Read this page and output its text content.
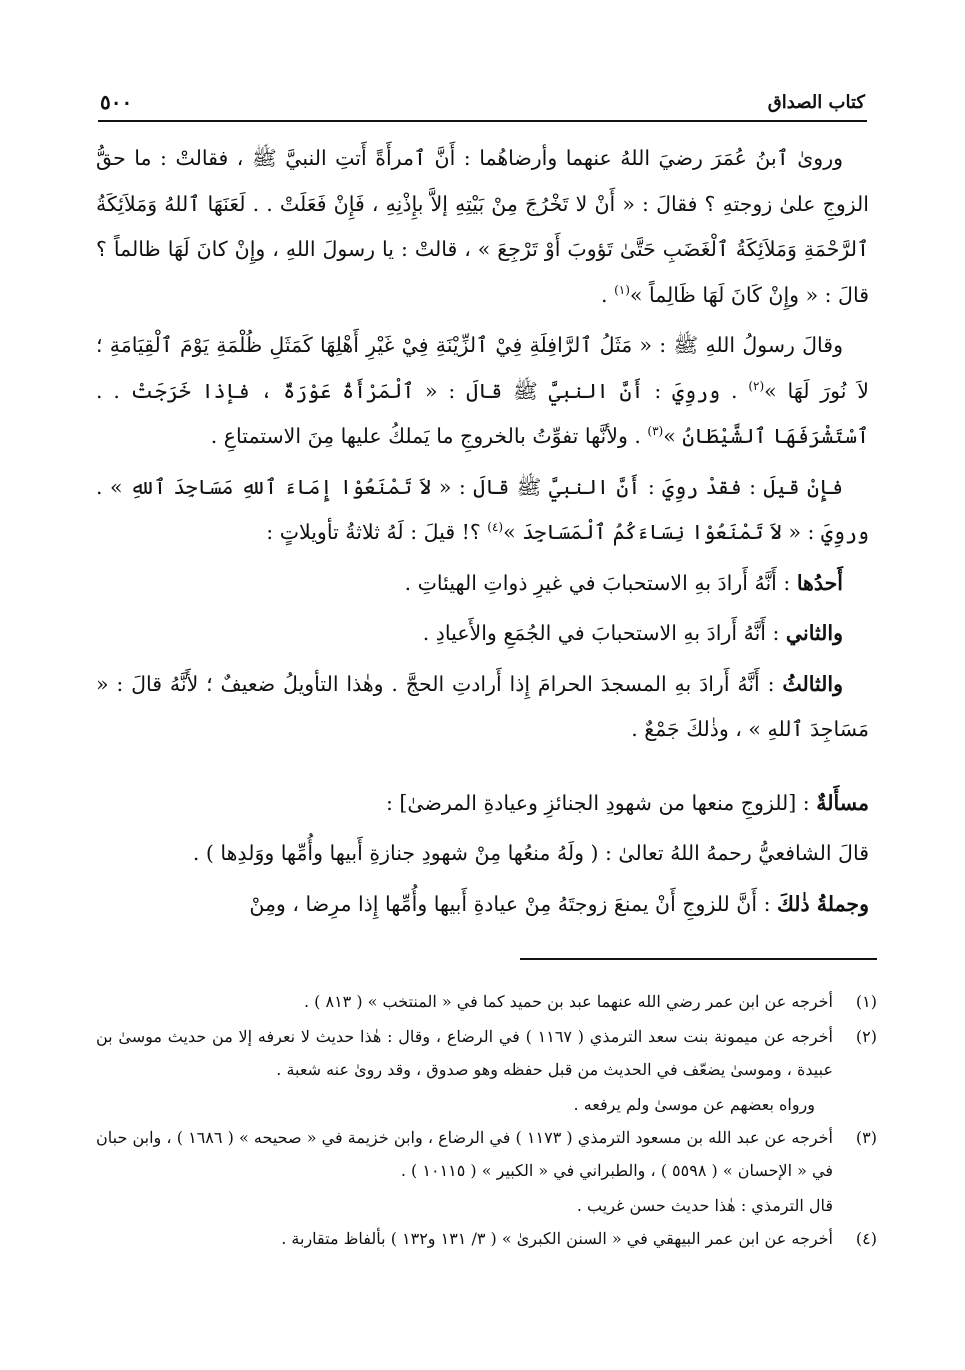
كتاب الصداق
٥٠٠

وروىٰ ٱبنُ عُمَرَ رضيَ اللهُ عنهما وأرضاهُما : أَنَّ ٱمرأَةً أَتتِ النبيَّ ﷺ ، فقالتْ : ما حقُّ الزوجِ علىٰ زوجتهِ ؟ فقالَ : « أَنْ لا تَخْرُجَ مِنْ بَيْتِهِ إلاَّ بإِذْنِهِ ، فَإِنْ فَعَلَتْ . . لَعَنَهَا ٱللهُ وَمَلاَئِكَةُ ٱلرَّحْمَةِ وَمَلاَئِكَةُ ٱلْغَضَبِ حَتَّىٰ تَؤوبَ أَوْ تَرْجِعَ » ، قالتْ : يا رسولَ اللهِ ، وإِنْ كانَ لَهَا ظالماً ؟ قالَ : « وإِنْ كَانَ لَهَا ظَالِماً »$^{(١)}$ .

وقالَ رسولُ اللهِ ﷺ : « مَثَلُ ٱلرَّافِلَةِ فِيْ ٱلزِّيْنَةِ فِيْ غَيْرِ أَهْلِهَا كَمَثَلِ ظُلْمَةِ يَوْمَ ٱلْقِيَامَةِ ؛ لاَ نُورَ لَهَا »$^{(٢)}$ . وروِيَ : أَنَّ النبيَّ ﷺ قالَ : « ٱلْمَرْأَةُ عَوْرَةٌ ، فإذا خَرَجَتْ . . ٱسْتَشْرَفَهَا ٱلشَّيْطَانُ »$^{(٣)}$ . ولأنَّها تفوِّتُ بالخروجِ ما يَملكُ عليها مِنَ الاستمتاعِ .

فإِنْ قيلَ : فقدْ روِيَ : أَنَّ النبيَّ ﷺ قالَ : « لاَ تَمْنَعُوْا إِمَاءَ ٱللهِ مَسَاجِدَ ٱللهِ » . وروِيَ : « لاَ تَمْنَعُوْا نِسَاءَكُمُ ٱلْمَسَاجِدَ »$^{(٤)}$ ؟! قيلَ : لَهُ ثلاثةُ تأويلاتٍ :

أَحدُها : أَنَّهُ أَرادَ بهِ الاستحبابَ في غيرِ ذواتِ الهيئاتِ .

والثاني : أَنَّهُ أَرادَ بهِ الاستحبابَ في الجُمَعِ والأَعيادِ .

والثالثُ : أَنَّهُ أَرادَ بهِ المسجدَ الحرامَ إِذا أَرادتِ الحجَّ . وهٰذا التأويلُ ضعيفٌ ؛ لأَنَّهُ قالَ : « مَسَاجِدَ ٱللهِ » ، وذٰلكَ جَمْعٌ .

مسأَلةٌ : [للزوجِ منعها من شهودِ الجنائزِ وعيادةِ المرضىٰ] :

قالَ الشافعيُّ رحمهُ اللهُ تعالىٰ : ( ولَهُ منعُها مِنْ شهودِ جنازةِ أَبيها وأُمِّها ووَلدِها ) .

وجملةُ ذٰلكَ : أَنَّ للزوجِ أَنْ يمنعَ زوجتَهُ مِنْ عيادةِ أَبيها وأُمِّها إِذا مرِضا ، ومِنْ

(١)
أخرجه عن ابن عمر رضي الله عنهما عبد بن حميد كما في « المنتخب » ( ٨١٣ ) .
(٢)
أخرجه عن ميمونة بنت سعد الترمذي ( ١١٦٧ ) في الرضاع ، وقال : هٰذا حديث لا نعرفه إلا من حديث موسىٰ بن عبيدة ، وموسىٰ يضعّف في الحديث من قبل حفظه وهو صدوق ، وقد روىٰ عنه شعبة .
ورواه بعضهم عن موسىٰ ولم يرفعه .
(٣)
أخرجه عن عبد الله بن مسعود الترمذي ( ١١٧٣ ) في الرضاع ، وابن خزيمة في « صحيحه » ( ١٦٨٦ ) ، وابن حبان في « الإحسان » ( ٥٥٩٨ ) ، والطبراني في « الكبير » ( ١٠١١٥ ) .
قال الترمذي : هٰذا حديث حسن غريب .
(٤)
أخرجه عن ابن عمر البيهقي في « السنن الكبرىٰ » ( ٣/ ١٣١ و١٣٢ ) بألفاظ متقاربة .
